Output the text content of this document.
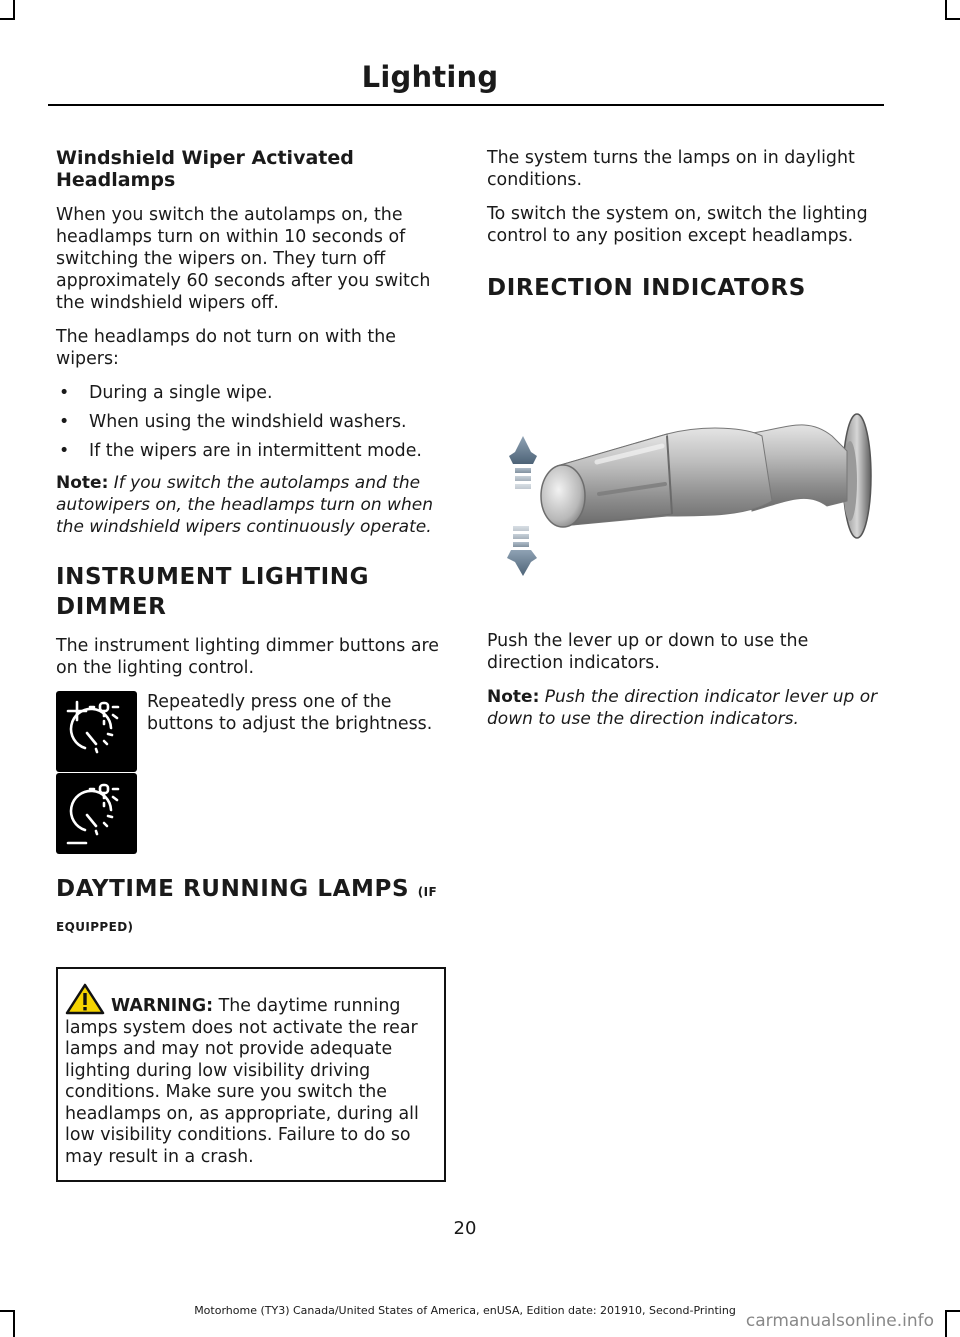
Lighting
Windshield Wiper Activated Headlamps

When you switch the autolamps on, the headlamps turn on within 10 seconds of switching the wipers on. They turn off approximately 60 seconds after you switch the windshield wipers off.

The headlamps do not turn on with the wipers:

• During a single wipe.
• When using the windshield washers.
• If the wipers are in intermittent mode.

Note: If you switch the autolamps and the autowipers on, the headlamps turn on when the windshield wipers continuously operate.

INSTRUMENT LIGHTING
DIMMER

The instrument lighting dimmer buttons are on the lighting control.

Repeatedly press one of the buttons to adjust the brightness.
DAYTIME RUNNING LAMPS (IF
EQUIPPED)
WARNING: The daytime running lamps system does not activate the rear lamps and may not provide adequate lighting during low visibility driving conditions. Make sure you switch the headlamps on, as appropriate, during all low visibility conditions. Failure to do so may result in a crash.

The system turns the lamps on in daylight conditions.

To switch the system on, switch the lighting control to any position except headlamps.

DIRECTION INDICATORS

Push the lever up or down to use the direction indicators.

Note: Push the direction indicator lever up or down to use the direction indicators.

20
Motorhome (TY3) Canada/United States of America, enUSA, Edition date: 201910, Second-Printing
carmanualsonline.info
